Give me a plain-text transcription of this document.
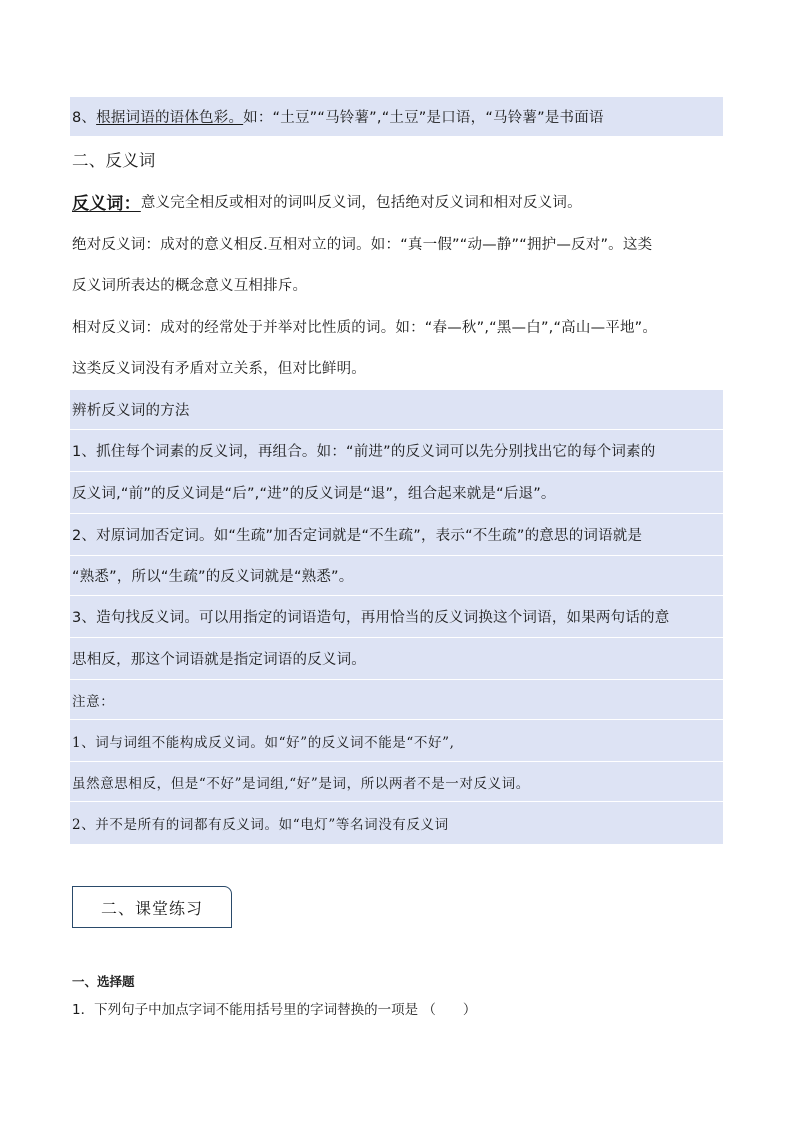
8、 根据词语的语体色彩。 如：“土豆”“马铃薯”,“土豆”是口语，“马铃薯”是书面语
二、反义词
反义词： 意义完全相反或相对的词叫反义词，包括绝对反义词和相对反义词。
绝对反义词：成对的意义相反.互相对立的词。如：“真一假”“动—静”“拥护—反对”。这类
反义词所表达的概念意义互相排斥。
相对反义词：成对的经常处于并举对比性质的词。如：“春—秋”,“黑—白”,“高山—平地”。
这类反义词没有矛盾对立关系，但对比鲜明。
辨析反义词的方法
1、抓住每个词素的反义词，再组合。如：“前进”的反义词可以先分别找出它的每个词素的
反义词,“前”的反义词是“后”,“进”的反义词是“退”，组合起来就是“后退”。
2、对原词加否定词。如“生疏”加否定词就是“不生疏”，表示“不生疏”的意思的词语就是
“熟悉”，所以“生疏”的反义词就是“熟悉”。
3、造句找反义词。可以用指定的词语造句，再用恰当的反义词换这个词语，如果两句话的意
思相反，那这个词语就是指定词语的反义词。
注意：
1、词与词组不能构成反义词。如“好”的反义词不能是“不好”,
虽然意思相反，但是“不好”是词组,“好”是词，所以两者不是一对反义词。
2、并不是所有的词都有反义词。如“电灯”等名词没有反义词
二、课堂练习
一、选择题
1．下列句子中加点字词不能用括号里的字词替换的一项是 （　　）
